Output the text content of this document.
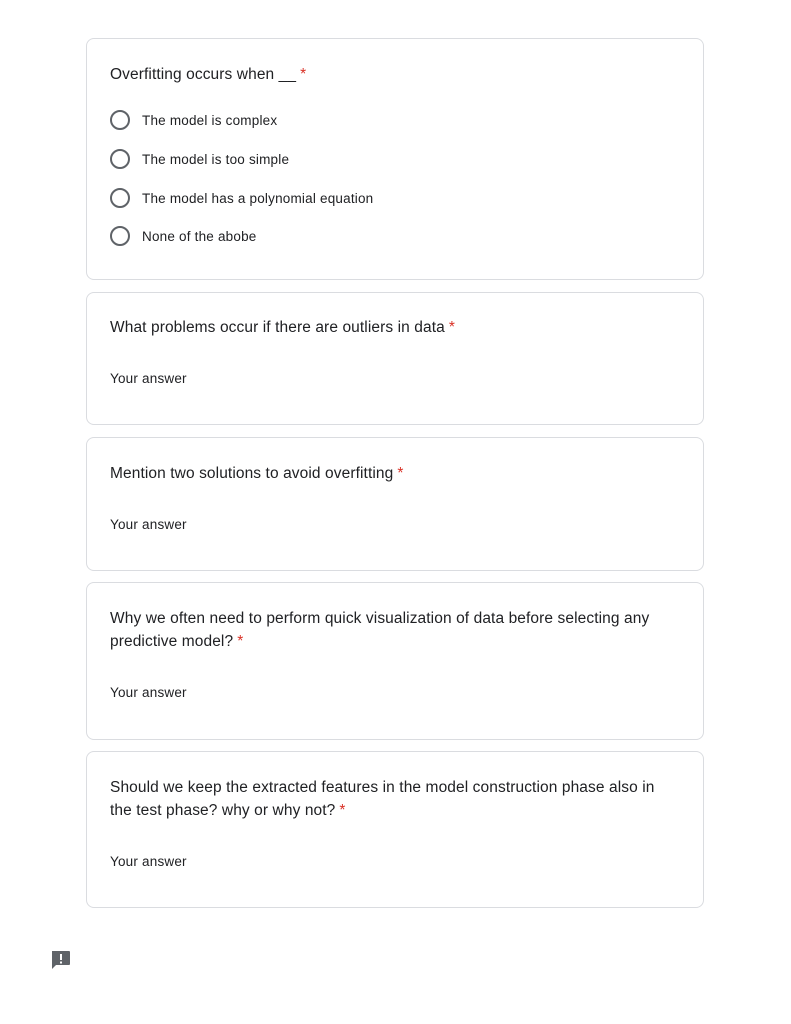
Overfitting occurs when __ *
The model is complex
The model is too simple
The model has a polynomial equation
None of the abobe
What problems occur if there are outliers in data *
Your answer
Mention two solutions to avoid overfitting *
Your answer
Why we often need to perform quick visualization of data before selecting any predictive model? *
Your answer
Should we keep the extracted features in the model construction phase also in the test phase? why or why not? *
Your answer
